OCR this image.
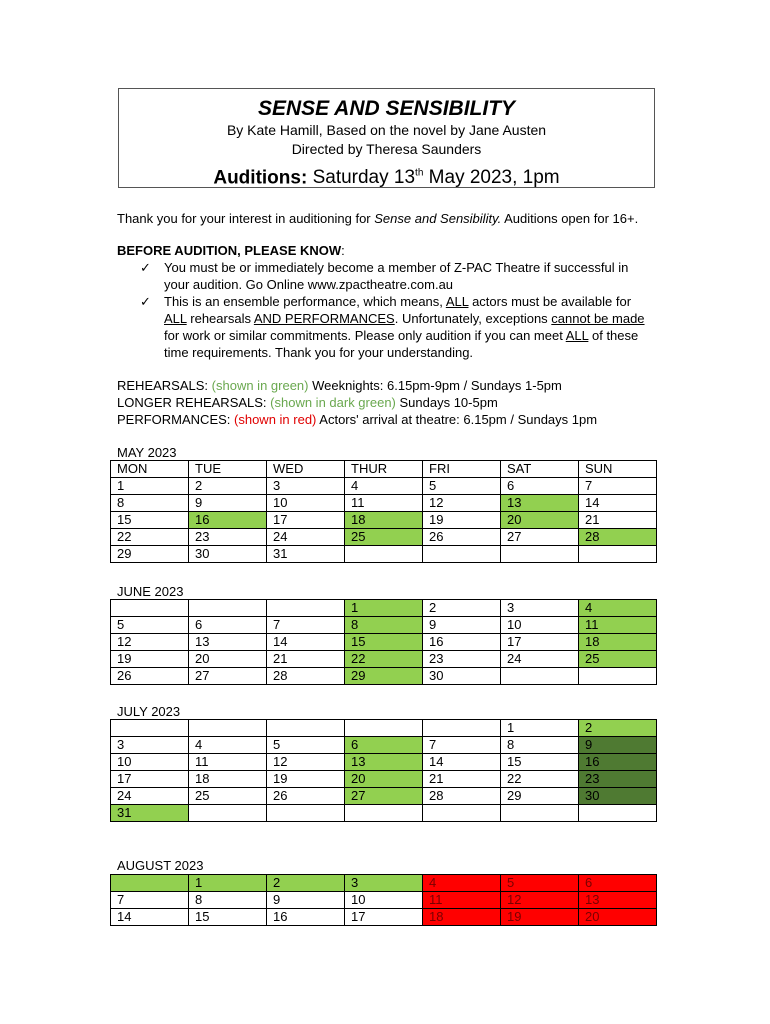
SENSE AND SENSIBILITY
By Kate Hamill, Based on the novel by Jane Austen
Directed by Theresa Saunders
Auditions: Saturday 13th May 2023, 1pm
Thank you for your interest in auditioning for Sense and Sensibility. Auditions open for 16+.
BEFORE AUDITION, PLEASE KNOW:
✓ You must be or immediately become a member of Z-PAC Theatre if successful in your audition. Go Online www.zpactheatre.com.au
✓ This is an ensemble performance, which means, ALL actors must be available for ALL rehearsals AND PERFORMANCES. Unfortunately, exceptions cannot be made for work or similar commitments. Please only audition if you can meet ALL of these time requirements. Thank you for your understanding.
REHEARSALS: (shown in green) Weeknights: 6.15pm-9pm / Sundays 1-5pm
LONGER REHEARSALS: (shown in dark green) Sundays 10-5pm
PERFORMANCES: (shown in red) Actors' arrival at theatre: 6.15pm / Sundays 1pm
MAY 2023
MON	TUE	WED	THUR	FRI	SAT	SUN
1	2	3	4	5	6	7
8	9	10	11	12	13	14
15	16	17	18	19	20	21
22	23	24	25	26	27	28
29	30	31				
JUNE 2023
			1	2	3	4
5	6	7	8	9	10	11
12	13	14	15	16	17	18
19	20	21	22	23	24	25
26	27	28	29	30		
JULY 2023
					1	2
3	4	5	6	7	8	9
10	11	12	13	14	15	16
17	18	19	20	21	22	23
24	25	26	27	28	29	30
31						
AUGUST 2023
	1	2	3	4	5	6
7	8	9	10	11	12	13
14	15	16	17	18	19	20
